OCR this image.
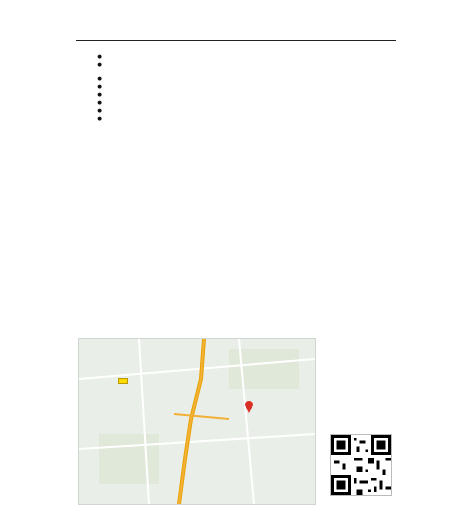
●
●
●
●
●
●
●
●
